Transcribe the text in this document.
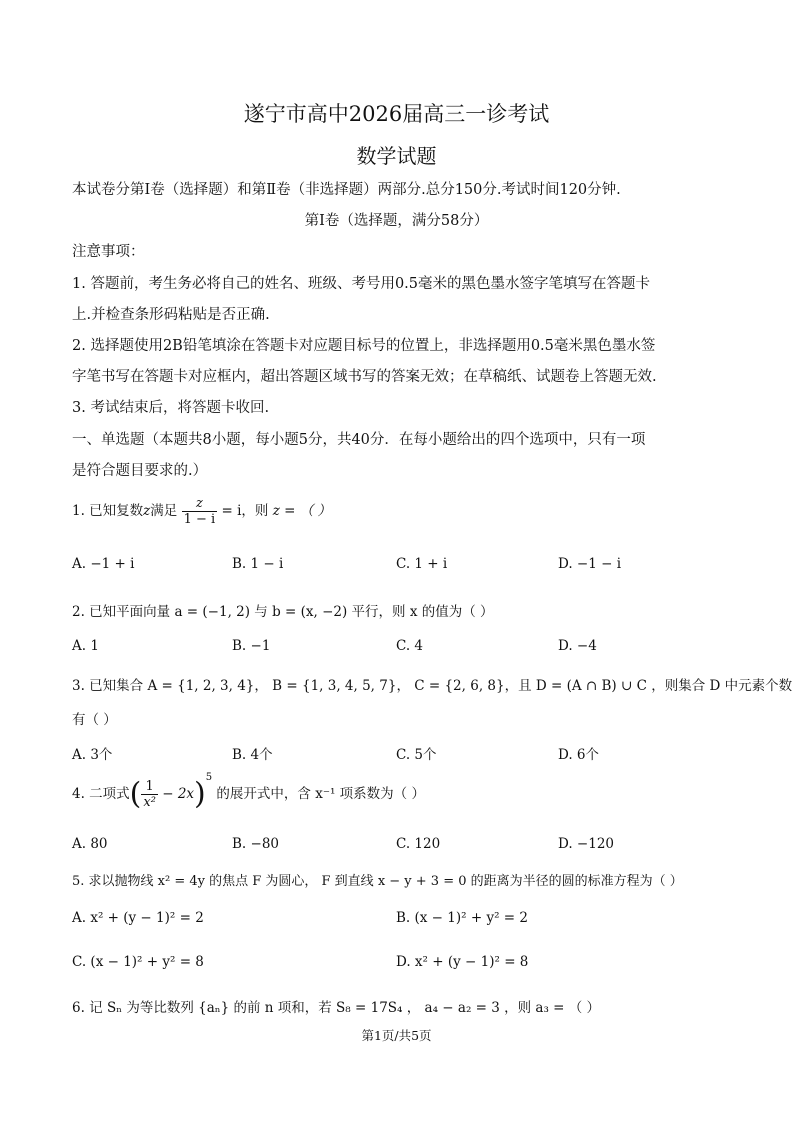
遂宁市高中2026届高三一诊考试
数学试题
本试卷分第Ⅰ卷（选择题）和第Ⅱ卷（非选择题）两部分.总分150分.考试时间120分钟.
第Ⅰ卷（选择题，满分58分）
注意事项：
1. 答题前，考生务必将自己的姓名、班级、考号用0.5毫米的黑色墨水签字笔填写在答题卡
上.并检查条形码粘贴是否正确.
2. 选择题使用2B铅笔填涂在答题卡对应题目标号的位置上，非选择题用0.5毫米黑色墨水签
字笔书写在答题卡对应框内，超出答题区域书写的答案无效；在草稿纸、试题卷上答题无效.
3. 考试结束后，将答题卡收回.
一、单选题（本题共8小题，每小题5分，共40分．在每小题给出的四个选项中，只有一项
是符合题目要求的.）
1. 已知复数z满足 $\frac{z}{1 - i} = i$，则 z = （ ）
A. −1 + i	B. 1 − i	C. 1 + i	D. −1 − i
2. 已知平面向量 a = (−1, 2) 与 b = (x, −2) 平行，则 x 的值为（ ）
A. 1	B. −1	C. 4	D. −4
3. 已知集合 A = {1, 2, 3, 4}， B = {1, 3, 4, 5, 7}， C = {2, 6, 8}，且 D = (A ∩ B) ∪ C ，则集合 D 中元素个数
有（ ）
A. 3个	B. 4个	C. 5个	D. 6个
4. 二项式( $\frac{1}{\text{x²}} - 2x)^5$ 的展开式中，含 x⁻¹ 项系数为（ ）
A. 80	B. −80	C. 120	D. −120
5. 求以抛物线 x² = 4y 的焦点 F 为圆心， F 到直线 x − y + 3 = 0 的距离为半径的圆的标准方程为（ ）
A. x² + (y − 1)² = 2	B. (x − 1)² + y² = 2
C. (x − 1)² + y² = 8	D. x² + (y − 1)² = 8
6. 记 Sₙ 为等比数列 {aₙ} 的前 n 项和，若 S₈ = 17S₄ ， a₄ − a₂ = 3 ，则 a₃ = （ ）
第1页/共5页
